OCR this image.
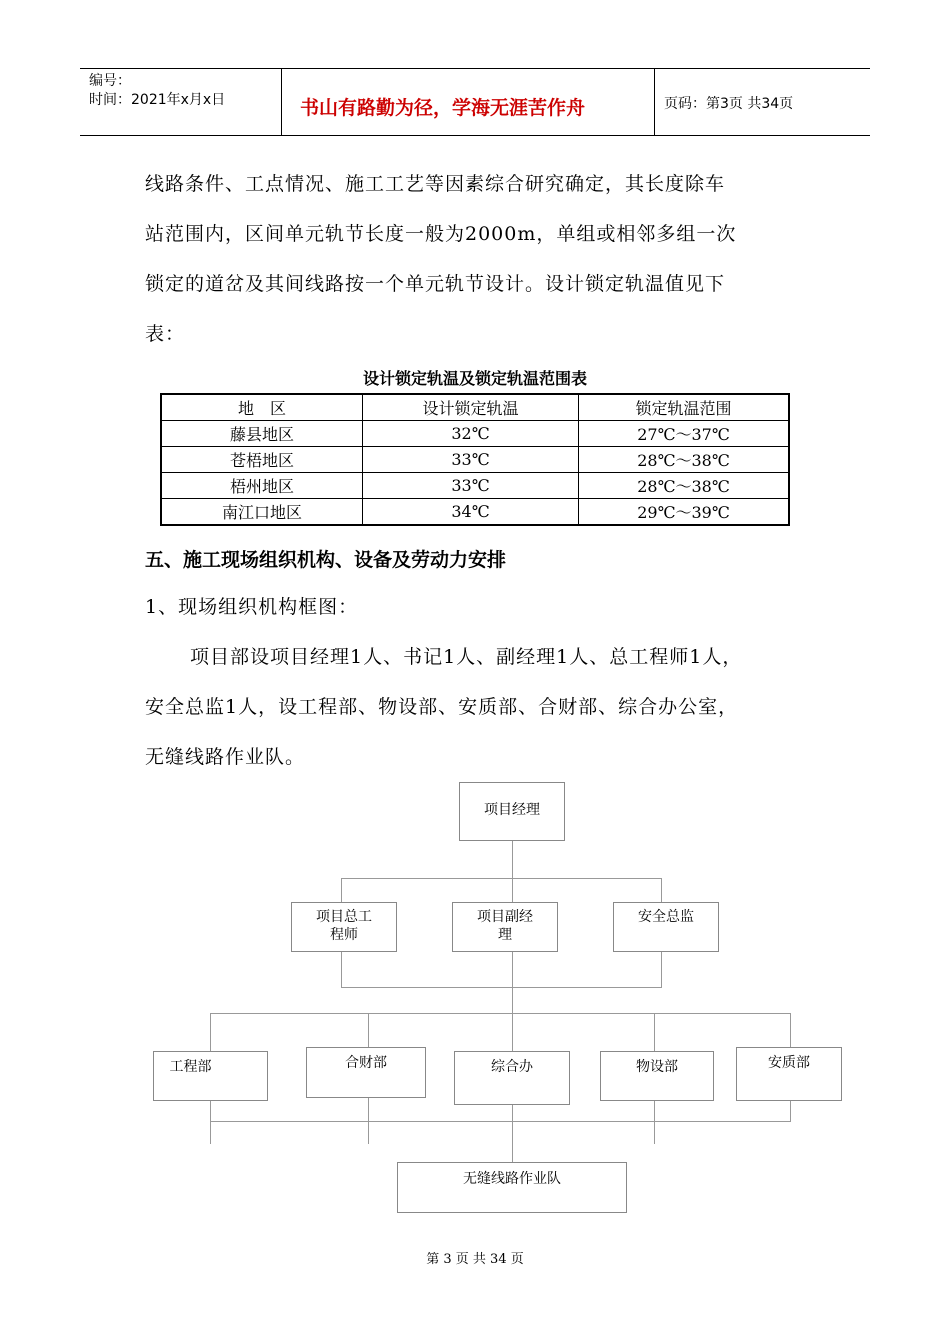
编号：
时间：2021年x月x日	书山有路勤为径，学海无涯苦作舟	页码：第3页 共34页
线路条件、工点情况、施工工艺等因素综合研究确定，其长度除车
站范围内，区间单元轨节长度一般为2000m，单组或相邻多组一次
锁定的道岔及其间线路按一个单元轨节设计。设计锁定轨温值见下
表：
设计锁定轨温及锁定轨温范围表
地　区	设计锁定轨温	锁定轨温范围
藤县地区	32℃	27℃～37℃
苍梧地区	33℃	28℃～38℃
梧州地区	33℃	28℃～38℃
南江口地区	34℃	29℃～39℃
五、施工现场组织机构、设备及劳动力安排
1、现场组织机构框图：
项目部设项目经理1人、书记1人、副经理1人、总工程师1人，
安全总监1人，设工程部、物设部、安质部、合财部、综合办公室，
无缝线路作业队。
项目经理
项目总工
程师
项目副经
理
安全总监
工程部	合财部	综合办	物设部	安质部
无缝线路作业队
第 3 页 共 34 页
